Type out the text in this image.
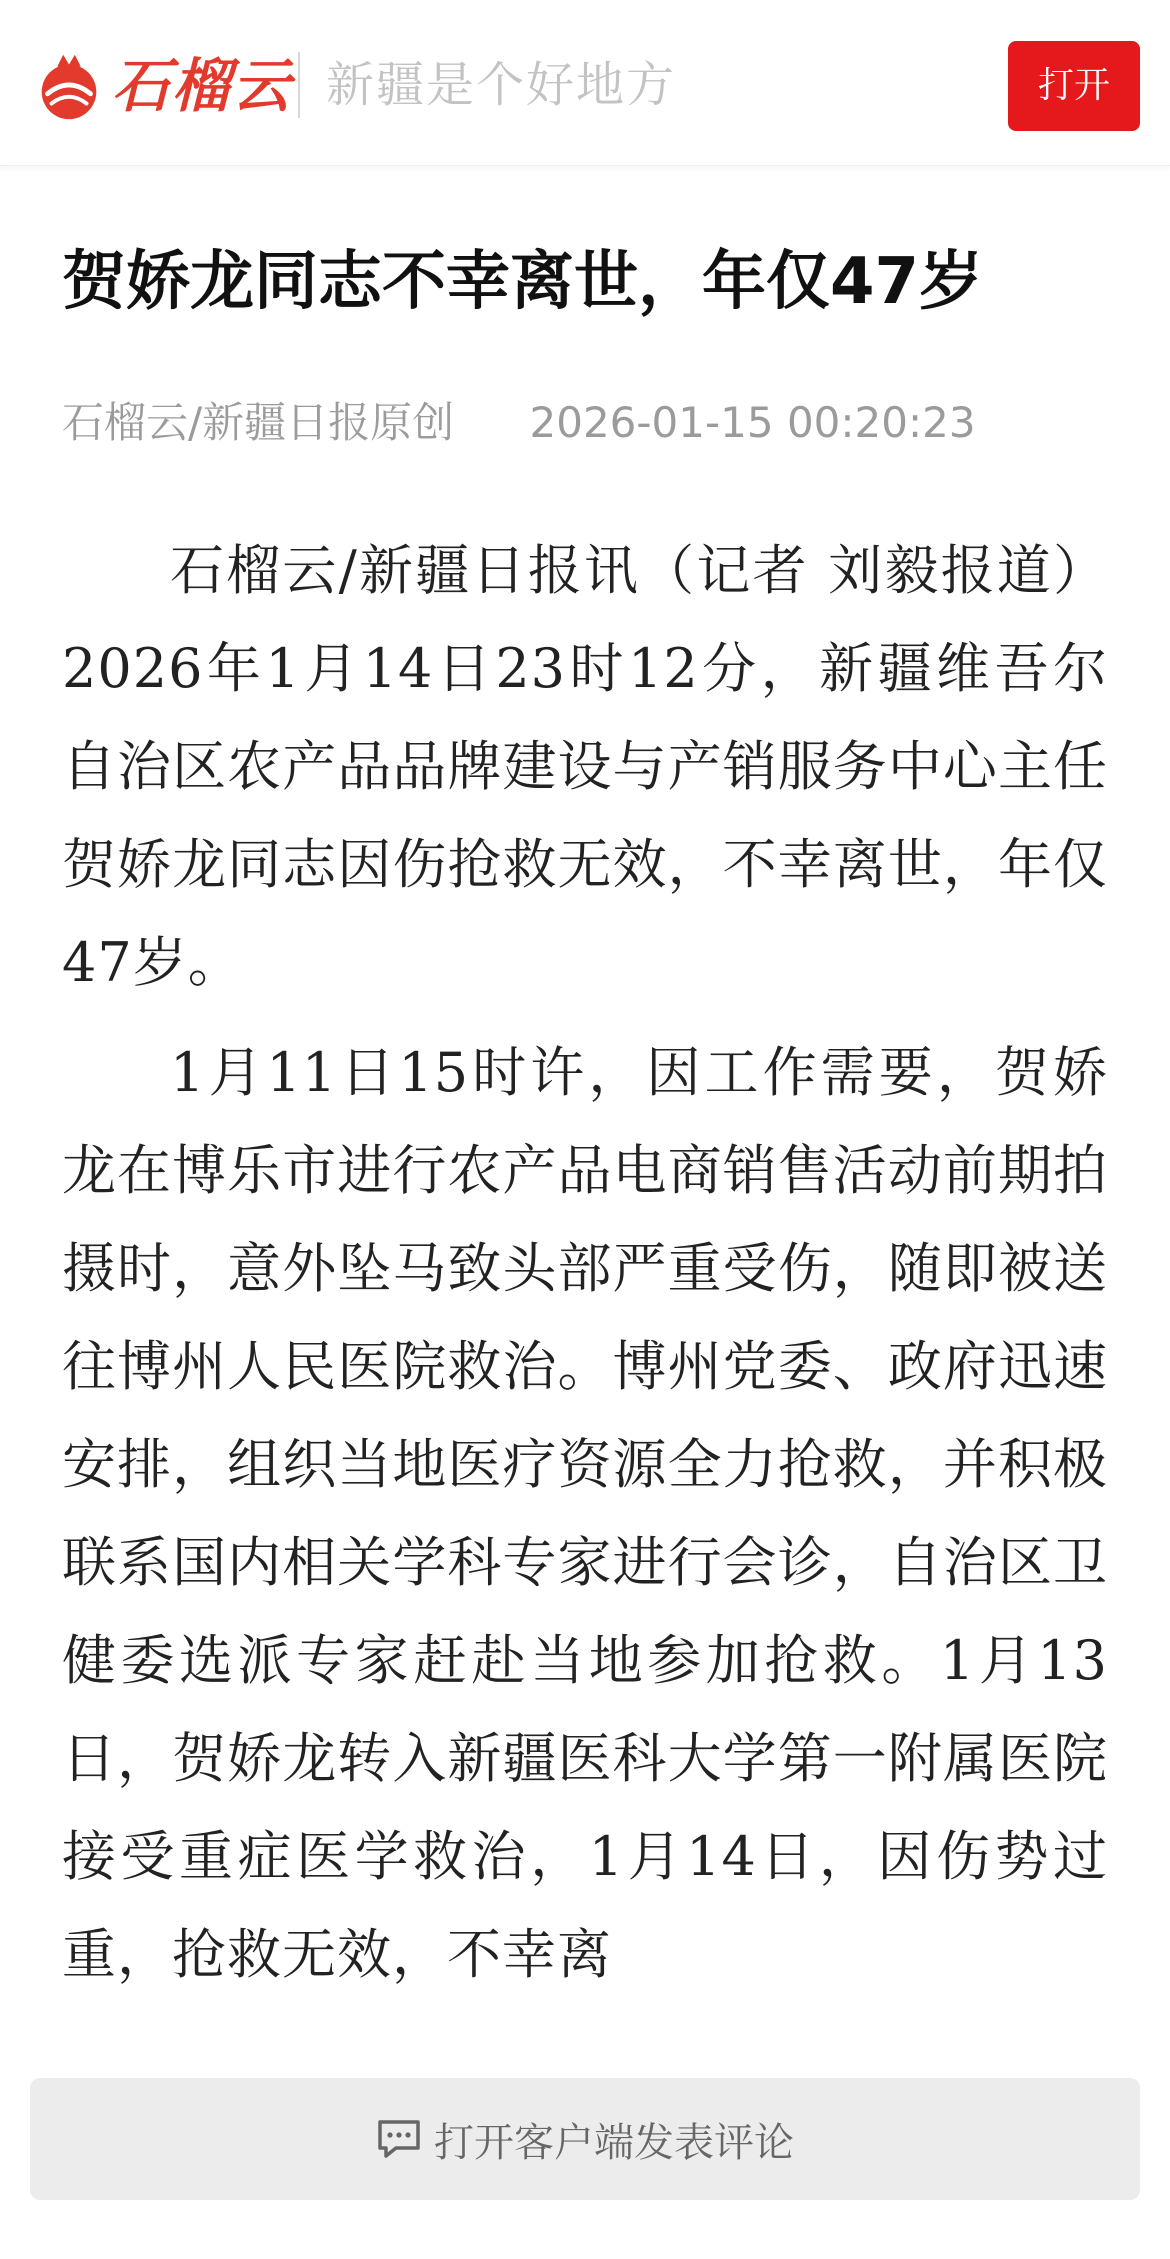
石榴云 新疆是个好地方	打开
贺娇龙同志不幸离世，年仅47岁
石榴云/新疆日报原创 2026-01-15 00:20:23

石榴云/新疆日报讯（记者 刘毅报道）2026年1月14日23时12分，新疆维吾尔自治区农产品品牌建设与产销服务中心主任贺娇龙同志因伤抢救无效，不幸离世，年仅47岁。

1月11日15时许，因工作需要，贺娇龙在博乐市进行农产品电商销售活动前期拍摄时，意外坠马致头部严重受伤，随即被送往博州人民医院救治。博州党委、政府迅速安排，组织当地医疗资源全力抢救，并积极联系国内相关学科专家进行会诊，自治区卫健委选派专家赶赴当地参加抢救。1月13日，贺娇龙转入新疆医科大学第一附属医院接受重症医学救治，1月14日，因伤势过重，抢救无效，不幸离

打开客户端发表评论
